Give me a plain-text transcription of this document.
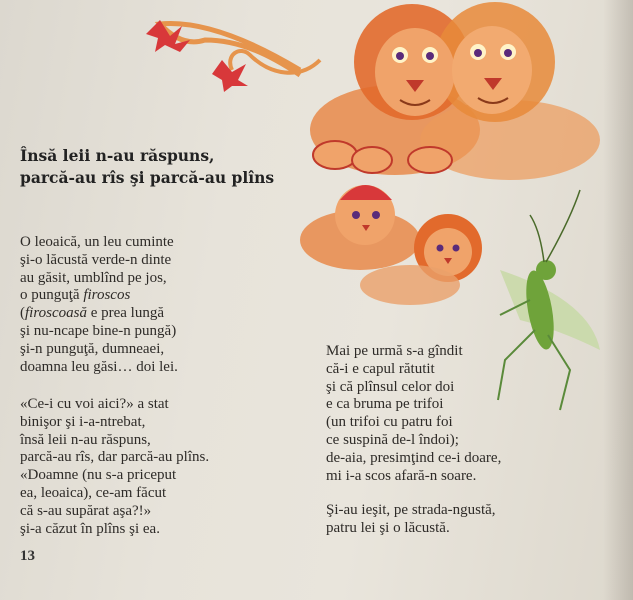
Însă leii n-au răspuns,
parcă-au rîs şi parcă-au plîns
O leoaică, un leu cuminte
şi-o lăcustă verde-n dinte
au găsit, umblînd pe jos,
o punguţă firoscos
(firoscoasă e prea lungă
şi nu-ncape bine-n pungă)
şi-n punguţă, dumneaei,
doamna leu găsi… doi lei.
«Ce-i cu voi aici?» a stat
binişor şi i-a-ntrebat,
însă leii n-au răspuns,
parcă-au rîs, dar parcă-au plîns.
«Doamne (nu s-a priceput
ea, leoaica), ce-am făcut
că s-au supărat aşa?!»
şi-a căzut în plîns şi ea.
Mai pe urmă s-a gîndit
că-i e capul rătutit
şi că plînsul celor doi
e ca bruma pe trifoi
(un trifoi cu patru foi
ce suspină de-l îndoi);
de-aia, presimţind ce-i doare,
mi i-a scos afară-n soare.
Şi-au ieşit, pe strada-ngustă,
patru lei şi o lăcustă.
13
